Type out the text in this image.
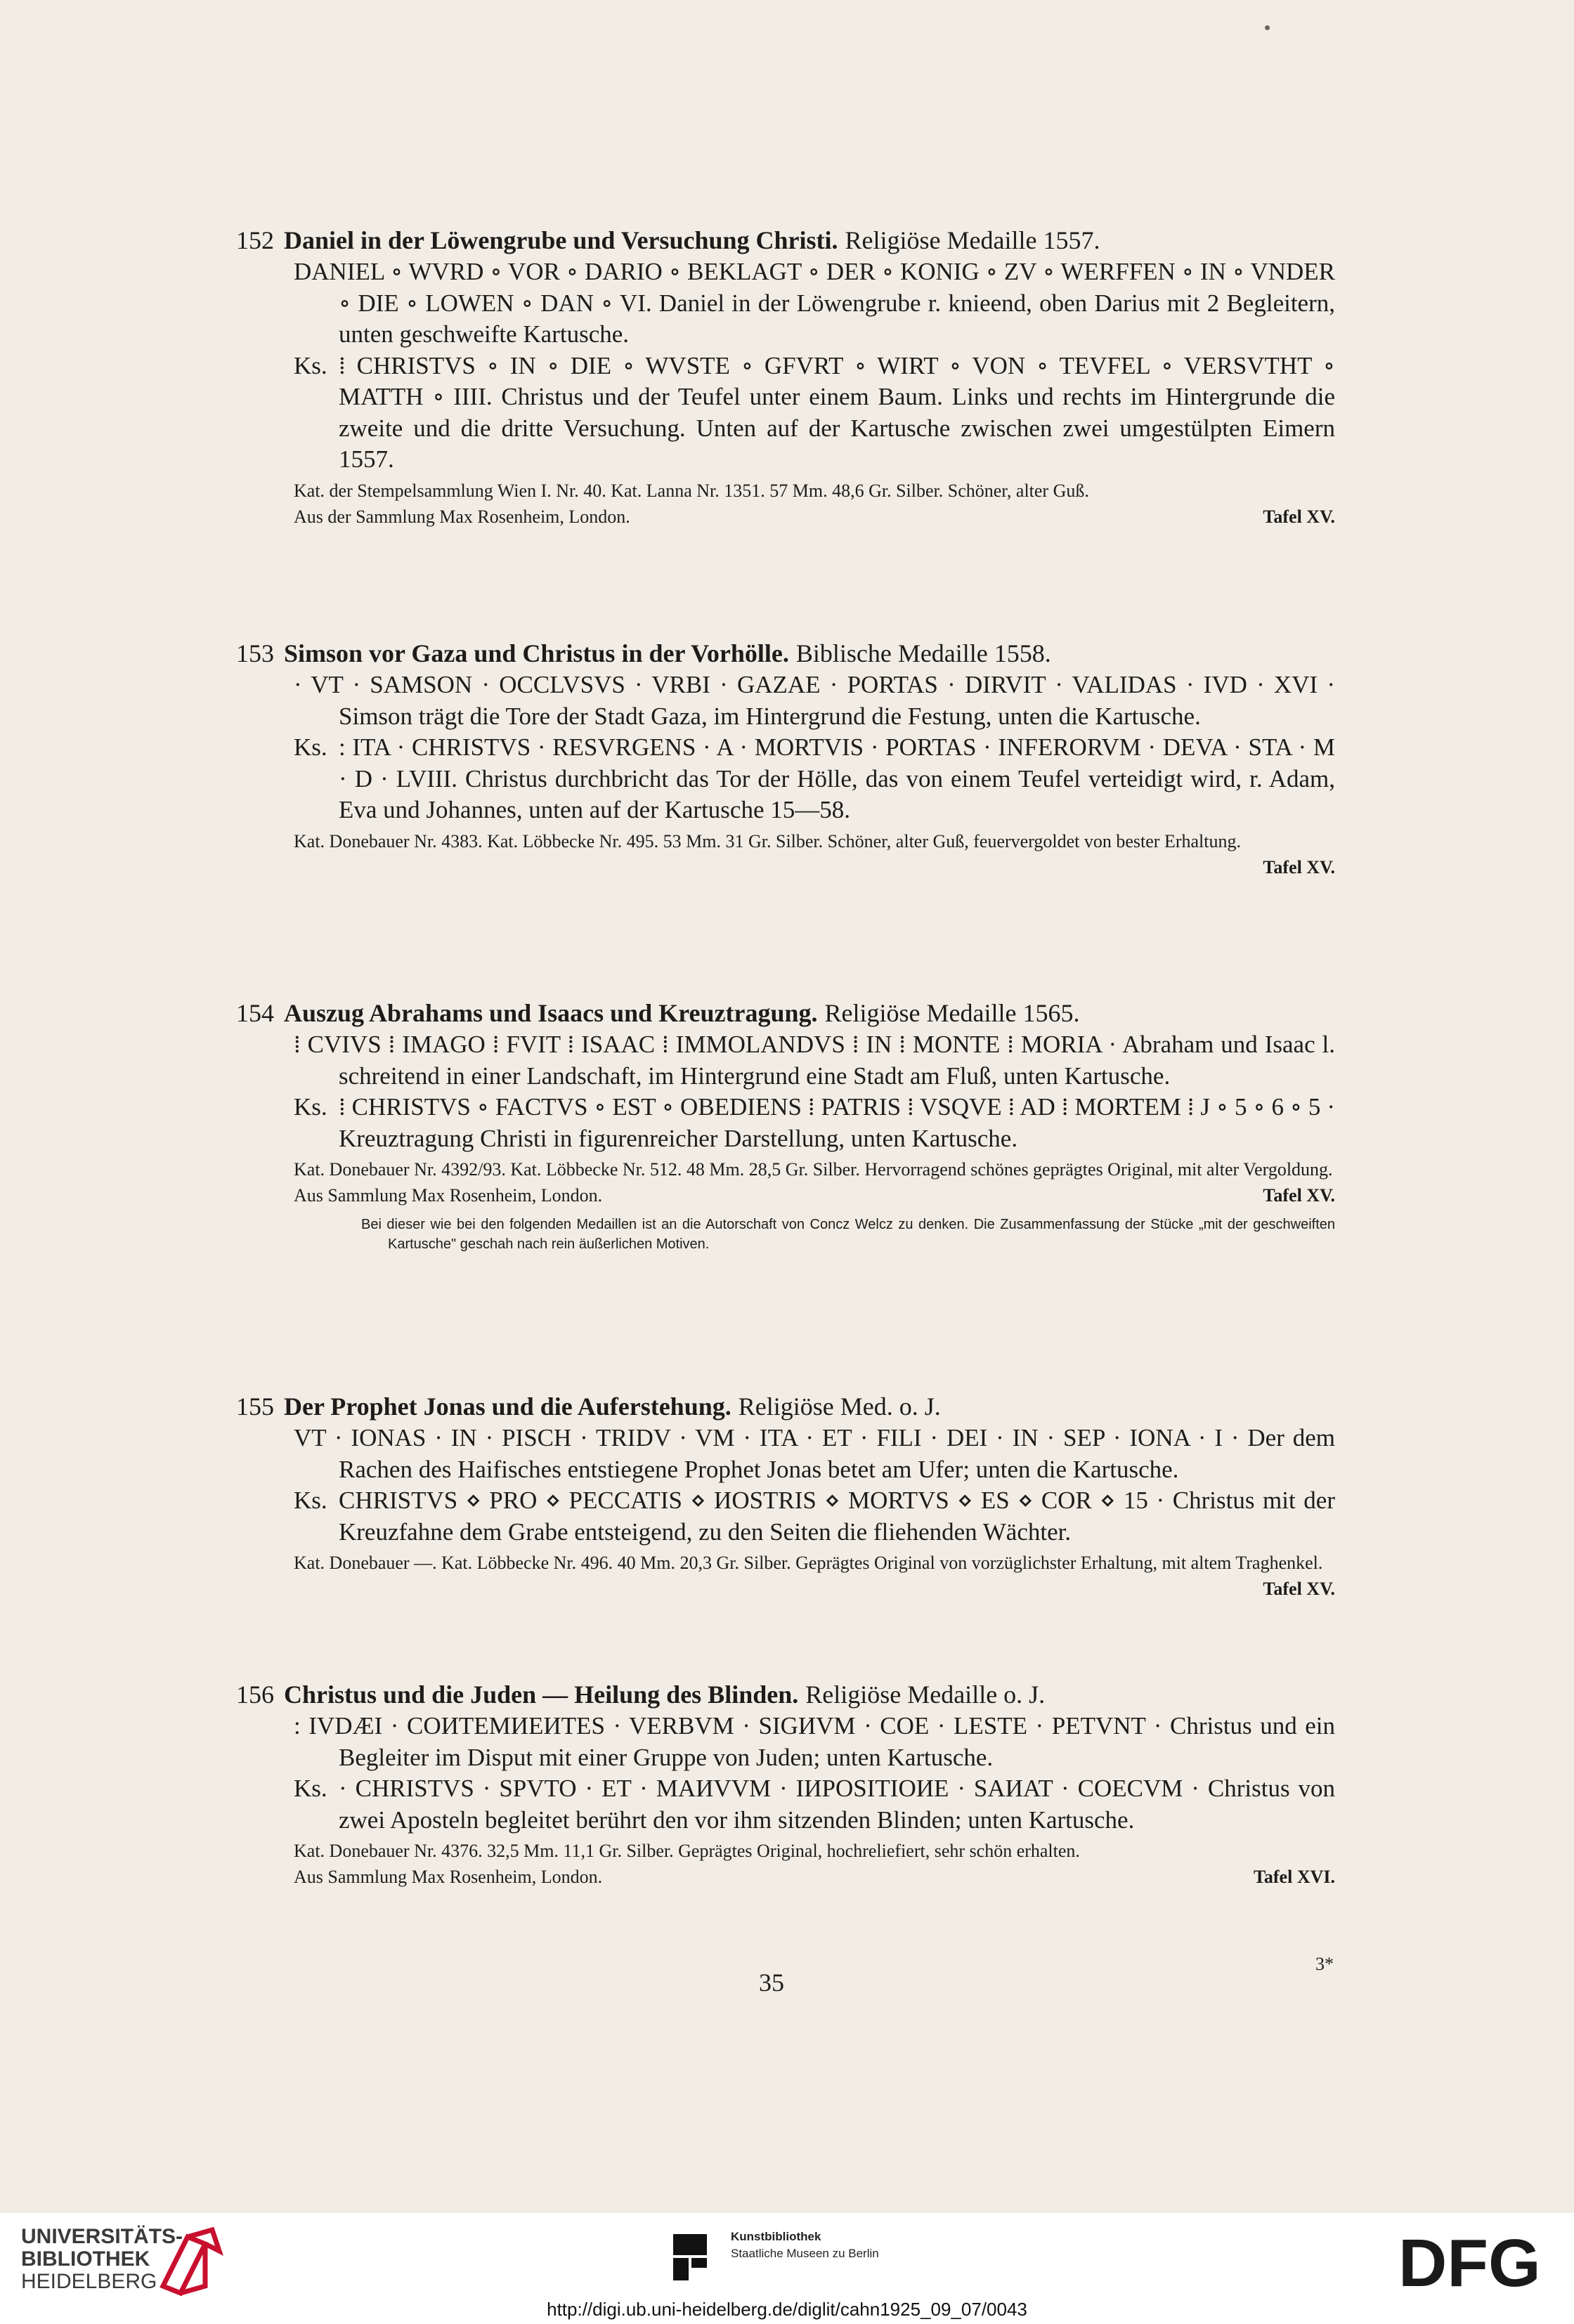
152 Daniel in der Löwengrube und Versuchung Christi. Religiöse Medaille 1557.
DANIEL ∘ WVRD ∘ VOR ∘ DARIO ∘ BEKLAGT ∘ DER ∘ KONIG ∘ ZV ∘ WERFFEN ∘ IN ∘ VNDER ∘ DIE ∘ LOWEN ∘ DAN ∘ VI. Daniel in der Löwengrube r. knieend, oben Darius mit 2 Begleitern, unten geschweifte Kartusche.
Ks. ⁞ CHRISTVS ∘ IN ∘ DIE ∘ WVSTE ∘ GFVRT ∘ WIRT ∘ VON ∘ TEVFEL ∘ VERSVTHT ∘ MATTH ∘ IIII. Christus und der Teufel unter einem Baum. Links und rechts im Hintergrunde die zweite und die dritte Versuchung. Unten auf der Kartusche zwischen zwei umgestülpten Eimern 1557.
Kat. der Stempelsammlung Wien I. Nr. 40. Kat. Lanna Nr. 1351. 57 Mm. 48,6 Gr. Silber. Schöner, alter Guß.
Aus der Sammlung Max Rosenheim, London.	Tafel XV.
153 Simson vor Gaza und Christus in der Vorhölle. Biblische Medaille 1558.
· VT · SAMSON · OCCLVSVS · VRBI · GAZAE · PORTAS · DIRVIT · VALIDAS · IVD · XVI · Simson trägt die Tore der Stadt Gaza, im Hintergrund die Festung, unten die Kartusche.
Ks. : ITA · CHRISTVS · RESVRGENS · A · MORTVIS · PORTAS · INFERORVM · DEVA · STA · M · D · LVIII. Christus durchbricht das Tor der Hölle, das von einem Teufel verteidigt wird, r. Adam, Eva und Johannes, unten auf der Kartusche 15—58.
Kat. Donebauer Nr. 4383. Kat. Löbbecke Nr. 495. 53 Mm. 31 Gr. Silber. Schöner, alter Guß, feuervergoldet von bester Erhaltung.
Tafel XV.
154 Auszug Abrahams und Isaacs und Kreuztragung. Religiöse Medaille 1565.
⁞ CVIVS ⁞ IMAGO ⁞ FVIT ⁞ ISAAC ⁞ IMMOLANDVS ⁞ IN ⁞ MONTE ⁞ MORIA · Abraham und Isaac l. schreitend in einer Landschaft, im Hintergrund eine Stadt am Fluß, unten Kartusche.
Ks. ⁞ CHRISTVS ∘ FACTVS ∘ EST ∘ OBEDIENS ⁞ PATRIS ⁞ VSQVE ⁞ AD ⁞ MORTEM ⁞ J ∘ 5 ∘ 6 ∘ 5 · Kreuztragung Christi in figurenreicher Darstellung, unten Kartusche.
Kat. Donebauer Nr. 4392/93. Kat. Löbbecke Nr. 512. 48 Mm. 28,5 Gr. Silber. Hervorragend schönes geprägtes Original, mit alter Vergoldung.
Aus Sammlung Max Rosenheim, London.	Tafel XV.
Bei dieser wie bei den folgenden Medaillen ist an die Autorschaft von Concz Welcz zu denken. Die Zusammenfassung der Stücke „mit der geschweiften Kartusche" geschah nach rein äußerlichen Motiven.
155 Der Prophet Jonas und die Auferstehung. Religiöse Med. o. J.
VT · IONAS · IN · PISCH · TRIDV · VM · ITA · ET · FILI · DEI · IN · SEP · IONA · I · Der dem Rachen des Haifisches entstiegene Prophet Jonas betet am Ufer; unten die Kartusche.
Ks. CHRISTVS ⋄ PRO ⋄ PECCATIS ⋄ ИOSTRIS ⋄ MORTVS ⋄ ES ⋄ COR ⋄ 15 · Christus mit der Kreuzfahne dem Grabe entsteigend, zu den Seiten die fliehenden Wächter.
Kat. Donebauer —. Kat. Löbbecke Nr. 496. 40 Mm. 20,3 Gr. Silber. Geprägtes Original von vorzüglichster Erhaltung, mit altem Traghenkel.
Tafel XV.
156 Christus und die Juden — Heilung des Blinden. Religiöse Medaille o. J.
: IVDÆI · COИTEMИEИTES · VERBVM · SIGИVM · COE · LESTE · PETVNT · Christus und ein Begleiter im Disput mit einer Gruppe von Juden; unten Kartusche.
Ks. · CHRISTVS · SPVTO · ET · MAИVVM · IИPOSITIOИE · SAИAT · COECVM · Christus von zwei Aposteln begleitet berührt den vor ihm sitzenden Blinden; unten Kartusche.
Kat. Donebauer Nr. 4376. 32,5 Mm. 11,1 Gr. Silber. Geprägtes Original, hochreliefiert, sehr schön erhalten.
Aus Sammlung Max Rosenheim, London.	Tafel XVI.
35
3*
UNIVERSITÄTS-
BIBLIOTHEK
HEIDELBERG
Kunstbibliothek
Staatliche Museen zu Berlin	DFG
http://digi.ub.uni-heidelberg.de/diglit/cahn1925_09_07/0043
